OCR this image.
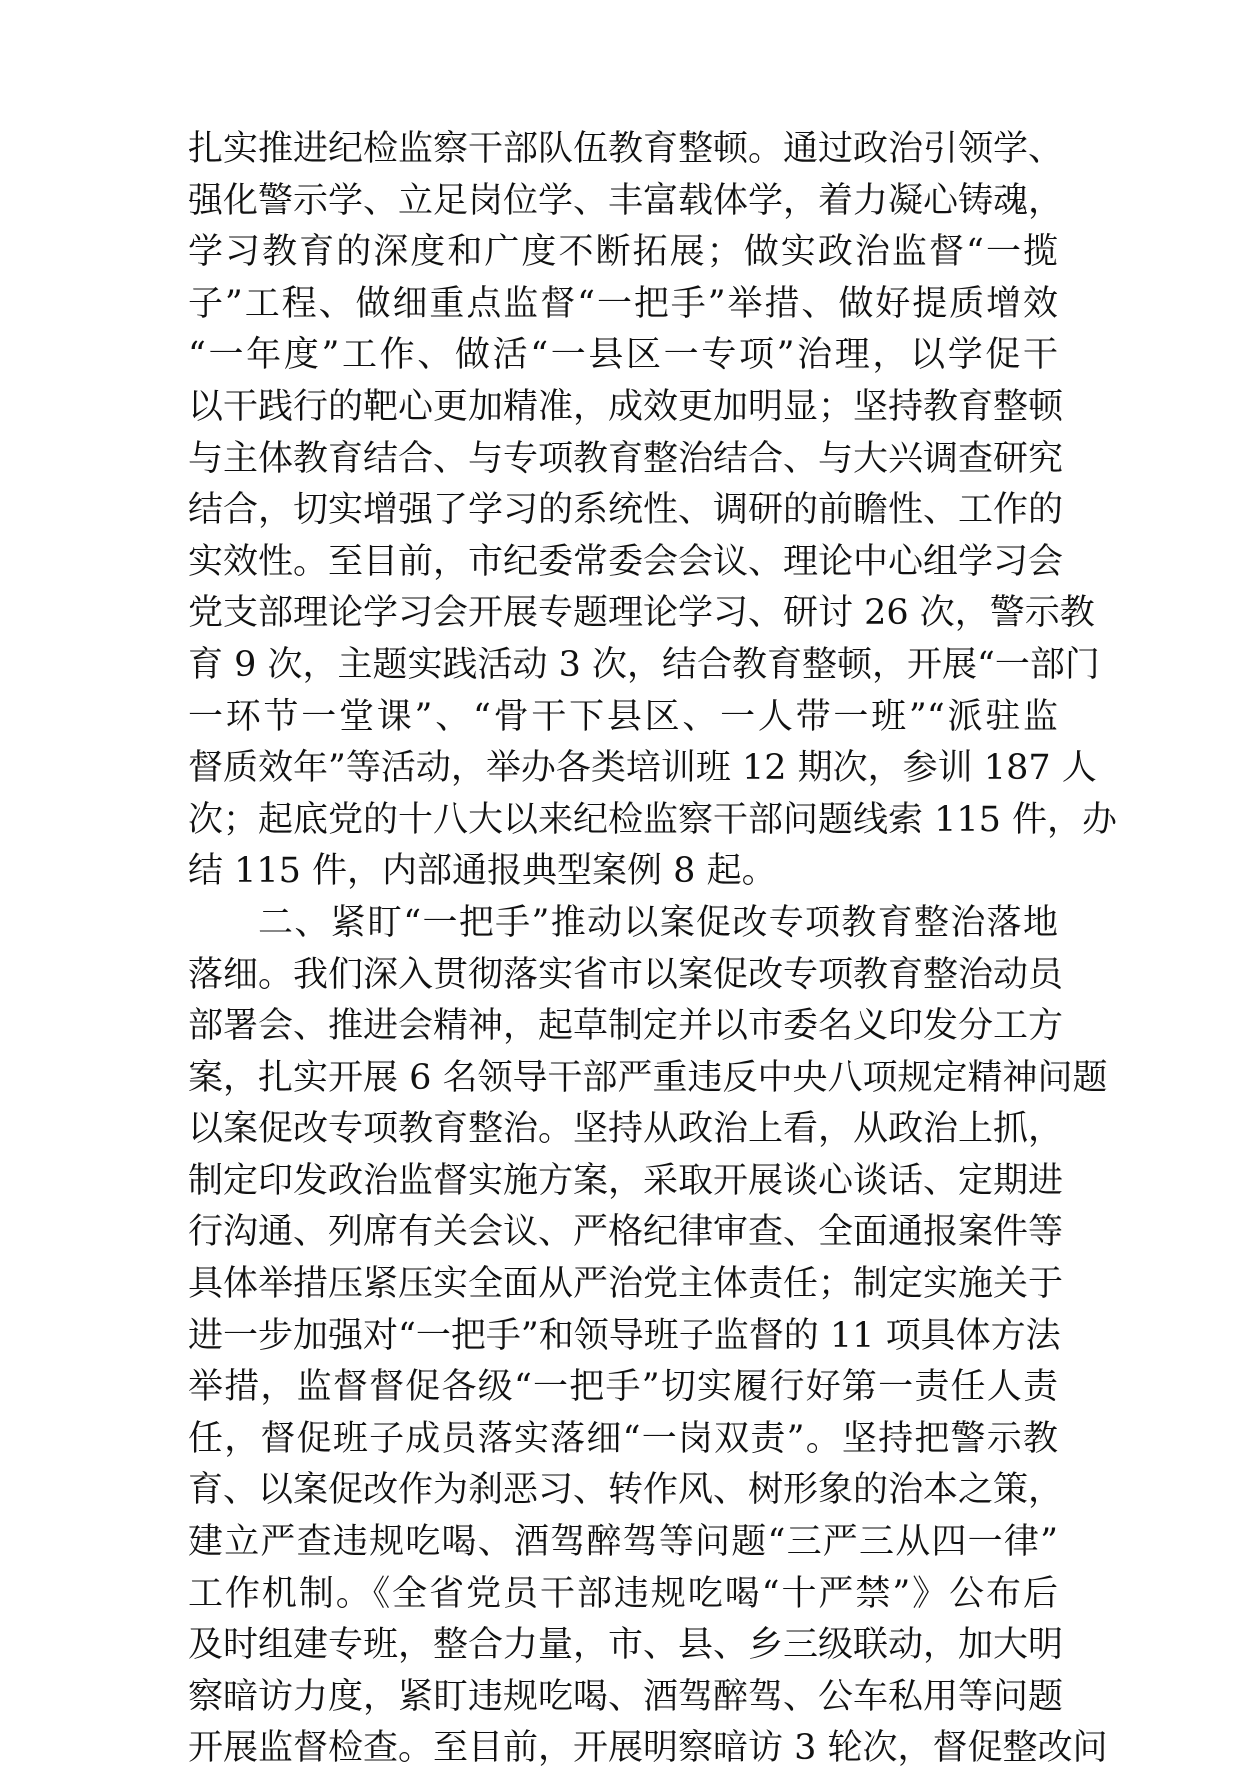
扎实推进纪检监察干部队伍教育整顿。通过政治引领学、
强化警示学、立足岗位学、丰富载体学，着力凝心铸魂，
学习教育的深度和广度不断拓展；做实政治监督“一揽
子”工程、做细重点监督“一把手”举措、做好提质增效
“一年度”工作、做活“一县区一专项”治理，以学促干
以干践行的靶心更加精准，成效更加明显；坚持教育整顿
与主体教育结合、与专项教育整治结合、与大兴调查研究
结合，切实增强了学习的系统性、调研的前瞻性、工作的
实效性。至目前，市纪委常委会会议、理论中心组学习会
党支部理论学习会开展专题理论学习、研讨 26 次，警示教
育 9 次，主题实践活动 3 次，结合教育整顿，开展“一部门
一环节一堂课”、“骨干下县区、一人带一班”“派驻监
督质效年”等活动，举办各类培训班 12 期次，参训 187 人
次；起底党的十八大以来纪检监察干部问题线索 115 件，办
结 115 件，内部通报典型案例 8 起。
二、紧盯“一把手”推动以案促改专项教育整治落地
落细。我们深入贯彻落实省市以案促改专项教育整治动员
部署会、推进会精神，起草制定并以市委名义印发分工方
案，扎实开展 6 名领导干部严重违反中央八项规定精神问题
以案促改专项教育整治。坚持从政治上看，从政治上抓，
制定印发政治监督实施方案，采取开展谈心谈话、定期进
行沟通、列席有关会议、严格纪律审查、全面通报案件等
具体举措压紧压实全面从严治党主体责任；制定实施关于
进一步加强对“一把手”和领导班子监督的 11 项具体方法
举措，监督督促各级“一把手”切实履行好第一责任人责
任，督促班子成员落实落细“一岗双责”。坚持把警示教
育、以案促改作为刹恶习、转作风、树形象的治本之策，
建立严查违规吃喝、酒驾醉驾等问题“三严三从四一律”
工作机制。《全省党员干部违规吃喝“十严禁”》公布后
及时组建专班，整合力量，市、县、乡三级联动，加大明
察暗访力度，紧盯违规吃喝、酒驾醉驾、公车私用等问题
开展监督检查。至目前，开展明察暗访 3 轮次，督促整改问
